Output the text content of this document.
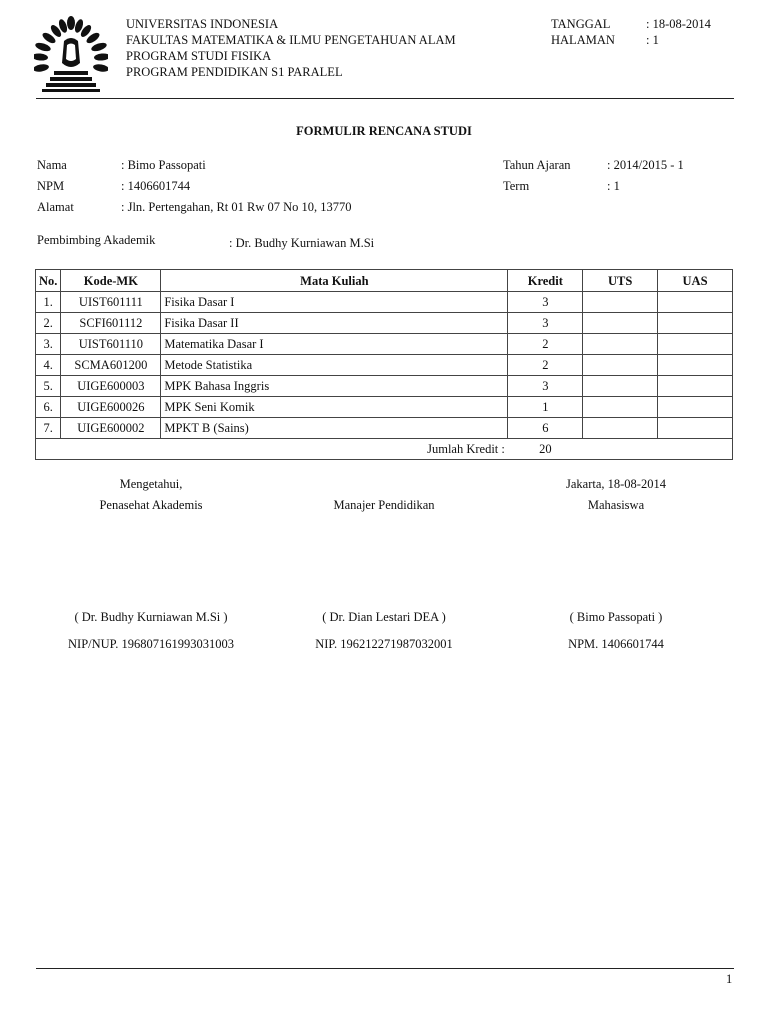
UNIVERSITAS INDONESIA
FAKULTAS MATEMATIKA & ILMU PENGETAHUAN ALAM
PROGRAM STUDI FISIKA
PROGRAM PENDIDIKAN S1 PARALEL
TANGGAL	: 18-08-2014
HALAMAN : 1
FORMULIR RENCANA STUDI
Nama	: Bimo Passopati
NPM	: 1406601744
Alamat	: Jln. Pertengahan, Rt 01 Rw 07 No 10, 13770
Tahun Ajaran	: 2014/2015 - 1
Term	: 1
Pembimbing Akademik	: Dr. Budhy Kurniawan M.Si
No.	Kode-MK	Mata Kuliah	Kredit	UTS	UAS
1.	UIST601111	Fisika Dasar I	3		
2.	SCFI601112	Fisika Dasar II	3		
3.	UIST601110	Matematika Dasar I	2		
4.	SCMA601200	Metode Statistika	2		
5.	UIGE600003	MPK Bahasa Inggris	3		
6.	UIGE600026	MPK Seni Komik	1		
7.	UIGE600002	MPKT B (Sains)	6		
		Jumlah Kredit :	20		
Mengetahui,	Jakarta, 18-08-2014
Penasehat Akademis	Manajer Pendidikan	Mahasiswa
( Dr. Budhy Kurniawan M.Si )	( Dr. Dian Lestari DEA )	( Bimo Passopati )
NIP/NUP. 196807161993031003	NIP. 196212271987032001	NPM. 1406601744
1
